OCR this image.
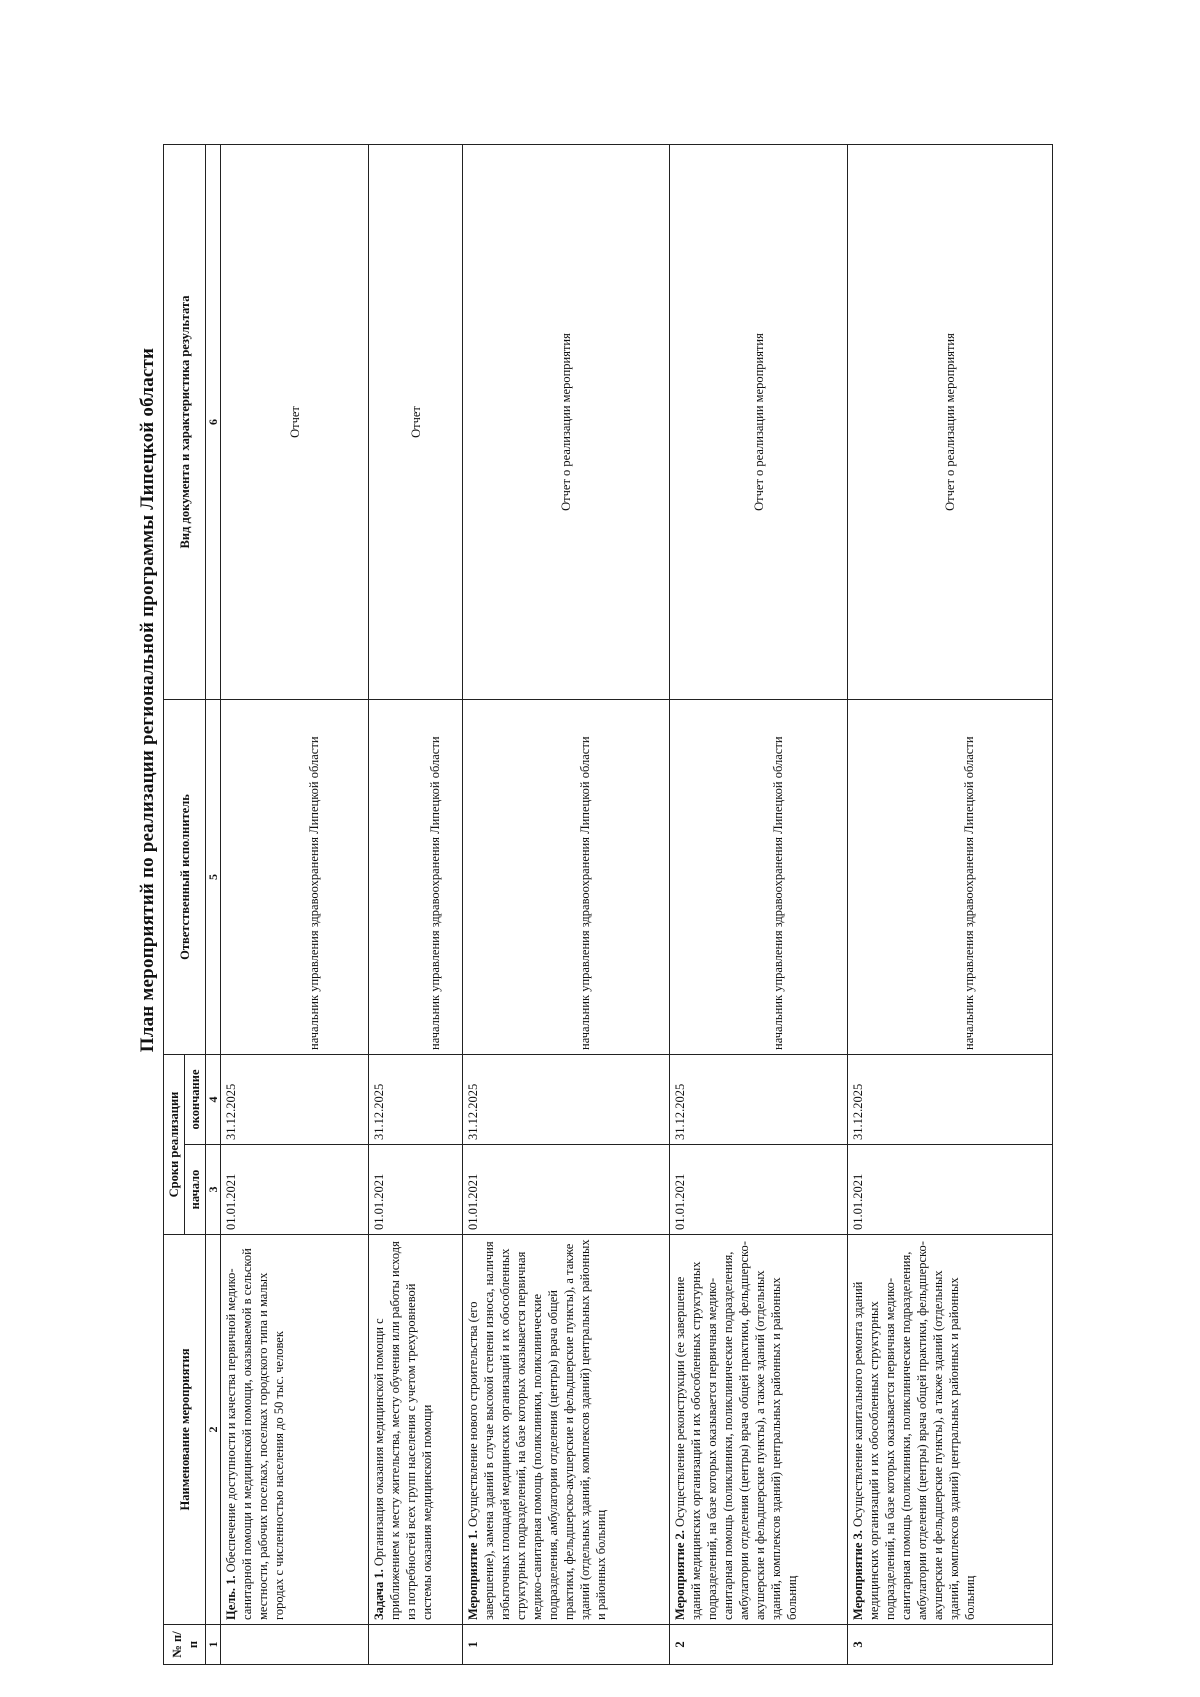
План мероприятий по реализации региональной программы Липецкой области
№ п/п	Наименование мероприятия	Сроки реализации		Ответственный исполнитель	Вид документа и характеристика результата
		начало	окончание		
1	2	3	4	5	6
	Цель. 1. Обеспечение доступности и качества первичной медико-санитарной помощи и медицинской помощи, оказываемой в сельской местности, рабочих поселках, поселках городского типа и малых городах с численностью населения до 50 тыс. человек	01.01.2021	31.12.2025	начальник управления здравоохранения Липецкой области	Отчет
	Задача 1. Организация оказания медицинской помощи с приближением к месту жительства, месту обучения или работы исходя из потребностей всех групп населения с учетом трехуровневой системы оказания медицинской помощи	01.01.2021	31.12.2025	начальник управления здравоохранения Липецкой области	Отчет
1	Мероприятие 1. Осуществление нового строительства (его завершение), замена зданий в случае высокой степени износа, наличия избыточных площадей медицинских организаций и их обособленных структурных подразделений, на базе которых оказывается первичная медико-санитарная помощь (поликлиники, поликлинические подразделения, амбулатории отделения (центры) врача общей практики, фельдшерско-акушерские и фельдшерские пункты), а также зданий (отдельных зданий, комплексов зданий) центральных районных и районных больниц	01.01.2021	31.12.2025	начальник управления здравоохранения Липецкой области	Отчет о реализации мероприятия
2	Мероприятие 2. Осуществление реконструкции (ее завершение зданий медицинских организаций и их обособленных структурных подразделений, на базе которых оказывается первичная медико-санитарная помощь (поликлиники, поликлинические подразделения, амбулатории отделения (центры) врача общей практики, фельдшерско-акушерские и фельдшерские пункты), а также зданий (отдельных зданий, комплексов зданий) центральных районных и районных больниц	01.01.2021	31.12.2025	начальник управления здравоохранения Липецкой области	Отчет о реализации мероприятия
3	Мероприятие 3. Осуществление капитального ремонта зданий медицинских организаций и их обособленных структурных подразделений, на базе которых оказывается первичная медико-санитарная помощь (поликлиники, поликлинические подразделения, амбулатории отделения (центры) врача общей практики, фельдшерско-акушерские и фельдшерские пункты), а также зданий (отдельных зданий, комплексов зданий) центральных районных и районных больниц	01.01.2021	31.12.2025	начальник управления здравоохранения Липецкой области	Отчет о реализации мероприятия
